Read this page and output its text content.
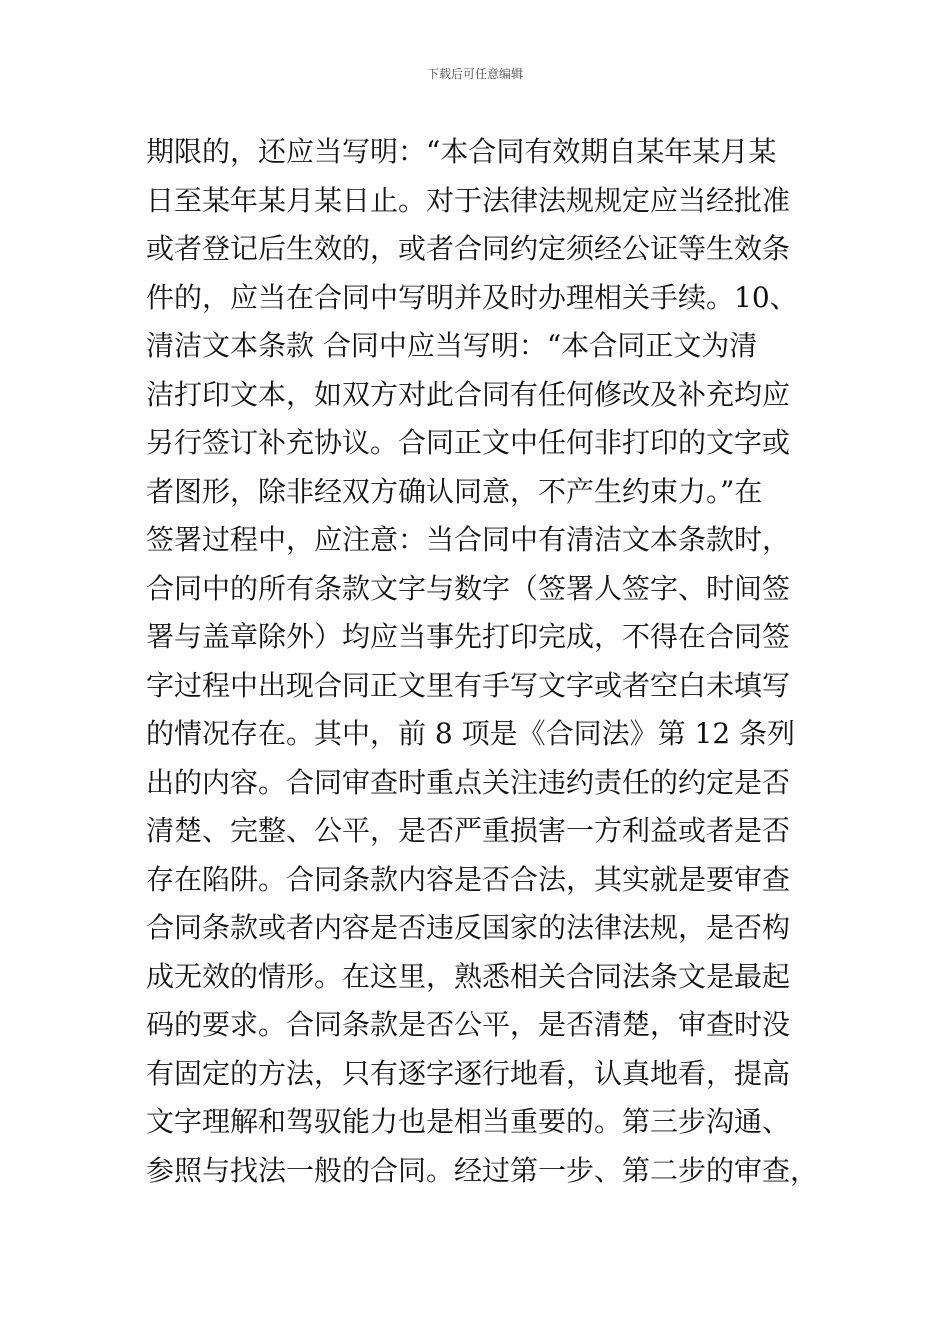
下载后可任意编辑
期限的，还应当写明：“本合同有效期自某年某月某
日至某年某月某日止。对于法律法规规定应当经批准
或者登记后生效的，或者合同约定须经公证等生效条
件的，应当在合同中写明并及时办理相关手续。10、
清洁文本条款 合同中应当写明：“本合同正文为清
洁打印文本，如双方对此合同有任何修改及补充均应
另行签订补充协议。合同正文中任何非打印的文字或
者图形，除非经双方确认同意，不产生约束力。”在
签署过程中，应注意：当合同中有清洁文本条款时，
合同中的所有条款文字与数字（签署人签字、时间签
署与盖章除外）均应当事先打印完成，不得在合同签
字过程中出现合同正文里有手写文字或者空白未填写
的情况存在。其中，前 8 项是《合同法》第 12 条列
出的内容。合同审查时重点关注违约责任的约定是否
清楚、完整、公平，是否严重损害一方利益或者是否
存在陷阱。合同条款内容是否合法，其实就是要审查
合同条款或者内容是否违反国家的法律法规，是否构
成无效的情形。在这里，熟悉相关合同法条文是最起
码的要求。合同条款是否公平，是否清楚，审查时没
有固定的方法，只有逐字逐行地看，认真地看，提高
文字理解和驾驭能力也是相当重要的。第三步沟通、
参照与找法一般的合同。经过第一步、第二步的审查，
